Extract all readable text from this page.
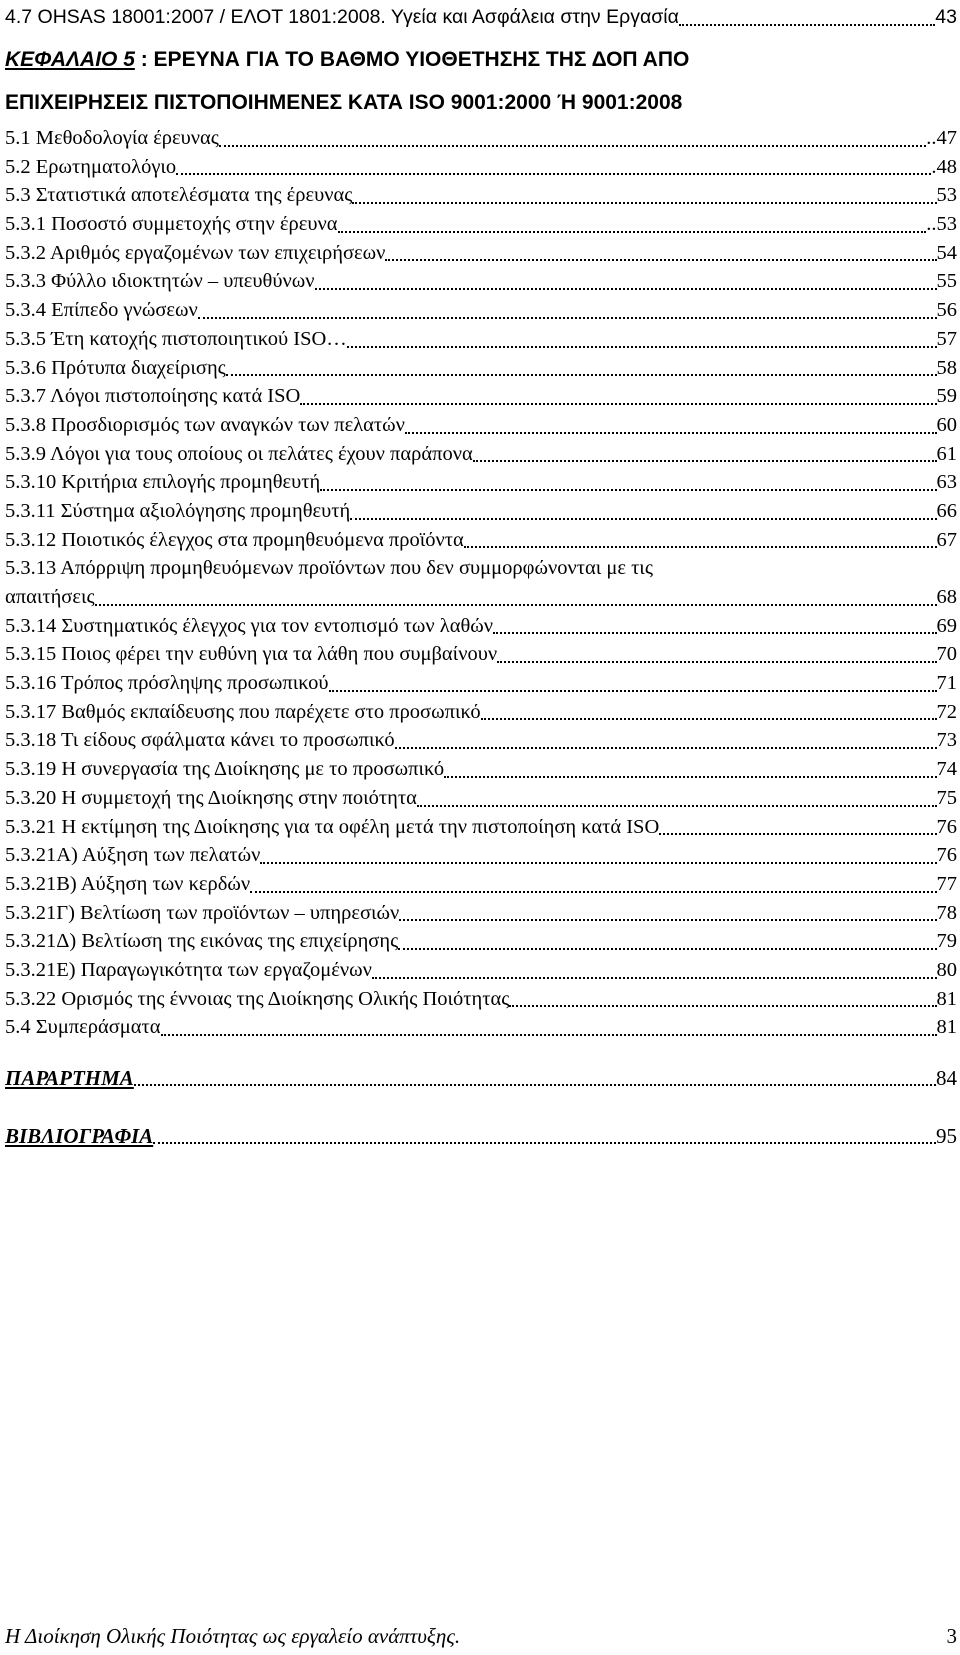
4.7 OHSAS 18001:2007 / ΕΛΟΤ 1801:2008. Υγεία και Ασφάλεια στην Εργασία	43
ΚΕΦΑΛΑΙΟ 5 : ΕΡΕΥΝΑ ΓΙΑ ΤΟ ΒΑΘΜΟ ΥΙΟΘΕΤΗΣΗΣ ΤΗΣ ΔΟΠ ΑΠΟ
ΕΠΙΧΕΙΡΗΣΕΙΣ ΠΙΣΤΟΠΟΙΗΜΕΝΕΣ ΚΑΤΑ ISO 9001:2000 Ή 9001:2008
5.1 Μεθοδολογία έρευνας	..47
5.2 Ερωτηματολόγιο	.48
5.3 Στατιστικά αποτελέσματα της έρευνας	53
5.3.1 Ποσοστό συμμετοχής στην έρευνα	..53
5.3.2 Αριθμός εργαζομένων των επιχειρήσεων	54
5.3.3 Φύλλο ιδιοκτητών – υπευθύνων	55
5.3.4 Επίπεδο γνώσεων	56
5.3.5 Έτη κατοχής πιστοποιητικού ISO…	57
5.3.6 Πρότυπα διαχείρισης	58
5.3.7 Λόγοι πιστοποίησης κατά ISO	59
5.3.8 Προσδιορισμός των αναγκών των πελατών	60
5.3.9 Λόγοι για τους οποίους οι πελάτες έχουν παράπονα	61
5.3.10 Κριτήρια επιλογής προμηθευτή	63
5.3.11 Σύστημα αξιολόγησης προμηθευτή	66
5.3.12 Ποιοτικός έλεγχος στα προμηθευόμενα προϊόντα	67
5.3.13 Απόρριψη προμηθευόμενων προϊόντων που δεν συμμορφώνονται με τις
απαιτήσεις	68
5.3.14 Συστηματικός έλεγχος για τον εντοπισμό των λαθών	69
5.3.15 Ποιος φέρει την ευθύνη για τα λάθη που συμβαίνουν	70
5.3.16 Τρόπος πρόσληψης προσωπικού	71
5.3.17 Βαθμός εκπαίδευσης που παρέχετε στο προσωπικό	72
5.3.18 Τι είδους σφάλματα κάνει το προσωπικό	73
5.3.19 Η συνεργασία της Διοίκησης με το προσωπικό	74
5.3.20 Η συμμετοχή της Διοίκησης στην ποιότητα	75
5.3.21 Η εκτίμηση της Διοίκησης για τα οφέλη μετά την πιστοποίηση κατά ISO	76
5.3.21Α) Αύξηση των πελατών	76
5.3.21Β) Αύξηση των κερδών	77
5.3.21Γ) Βελτίωση των προϊόντων – υπηρεσιών	78
5.3.21Δ) Βελτίωση της εικόνας της επιχείρησης	79
5.3.21Ε) Παραγωγικότητα των εργαζομένων	80
5.3.22 Ορισμός της έννοιας της Διοίκησης Ολικής Ποιότητας	81
5.4 Συμπεράσματα	81
ΠΑΡΑΡΤΗΜΑ	84
ΒΙΒΛΙΟΓΡΑΦΙΑ	95
Η Διοίκηση Ολικής Ποιότητας ως εργαλείο ανάπτυξης.	3
